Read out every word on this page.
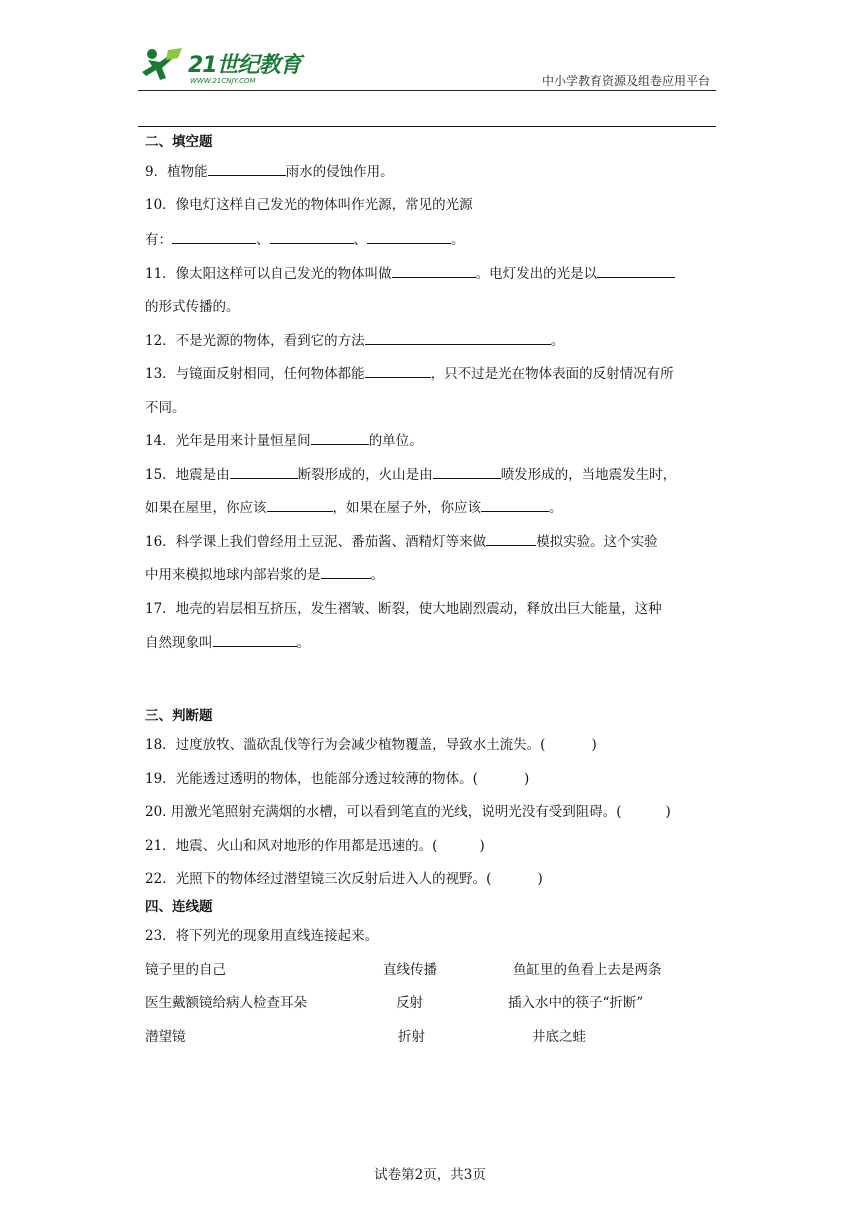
21世纪教育
WWW.21CNJY.COM	中小学教育资源及组卷应用平台
二、填空题
9．植物能	雨水的侵蚀作用。
10．像电灯这样自己发光的物体叫作光源，常见的光源
有：	、	、	。
11．像太阳这样可以自己发光的物体叫做	。电灯发出的光是以
的形式传播的。
12．不是光源的物体，看到它的方法	。
13．与镜面反射相同，任何物体都能	，只不过是光在物体表面的反射情况有所
不同。
14．光年是用来计量恒星间	的单位。
15．地震是由	断裂形成的，火山是由	喷发形成的，当地震发生时，
如果在屋里，你应该	，如果在屋子外，你应该	。
16．科学课上我们曾经用土豆泥、番茄酱、酒精灯等来做	模拟实验。这个实验
中用来模拟地球内部岩浆的是	。
17．地壳的岩层相互挤压，发生褶皱、断裂，使大地剧烈震动，释放出巨大能量，这种
自然现象叫	。
三、判断题
18．过度放牧、滥砍乱伐等行为会减少植物覆盖，导致水土流失。(	)
19．光能透过透明的物体，也能部分透过较薄的物体。(	)
20. 用激光笔照射充满烟的水槽，可以看到笔直的光线，说明光没有受到阻碍。(	)
21．地震、火山和风对地形的作用都是迅速的。(	)
22．光照下的物体经过潜望镜三次反射后进入人的视野。(	)
四、连线题
23．将下列光的现象用直线连接起来。
镜子里的自己	直线传播	鱼缸里的鱼看上去是两条
医生戴额镜给病人检查耳朵	反射	插入水中的筷子“折断”
潜望镜	折射	井底之蛙
试卷第2页，共3页
